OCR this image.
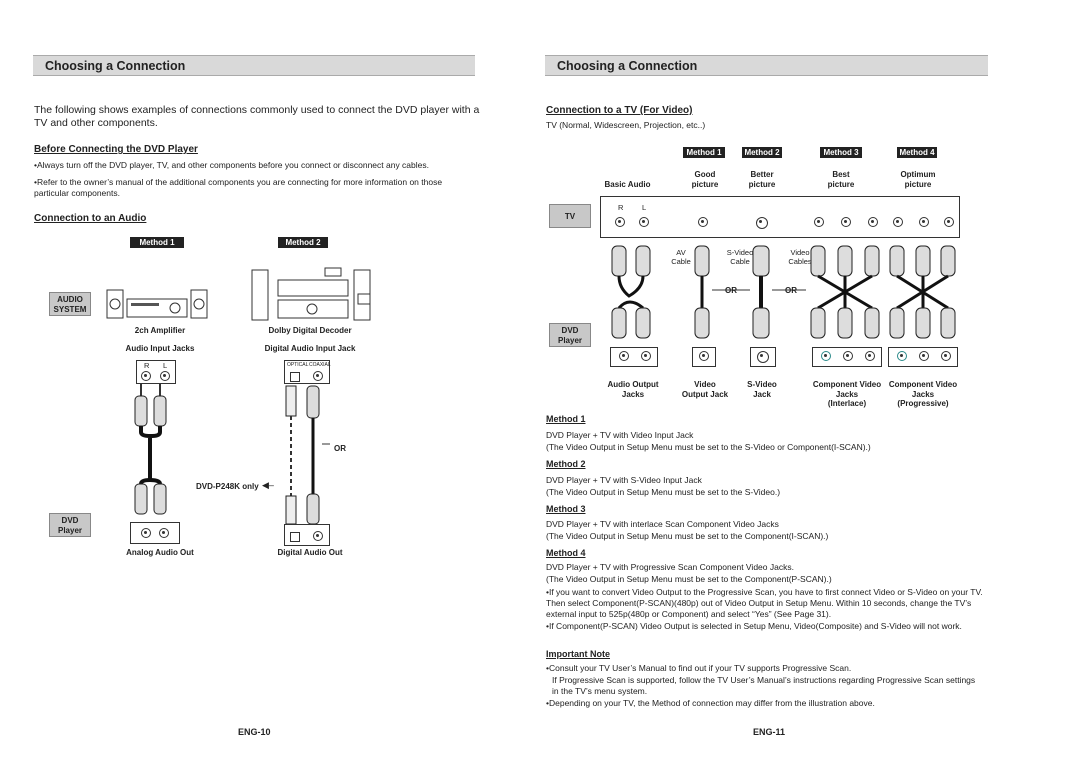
Choosing a Connection
The following shows examples of connections commonly used to connect the DVD player with a TV and other components.
Before Connecting the DVD Player
•Always turn off the DVD player, TV, and other components before you connect or disconnect any cables.
•Refer to the owner’s manual of the additional components you are connecting for more information on those particular components.
Connection to an Audio
Method 1	Method 2
AUDIO SYSTEM
2ch Amplifier	Dolby Digital Decoder
Audio Input Jacks	Digital Audio Input Jack
R L	OPTICAL COAXIAL
OR
DVD-P248K only ◀–
DVD Player
Analog Audio Out	Digital Audio Out
ENG-10
Choosing a Connection
Connection to a TV (For Video)
TV (Normal, Widescreen, Projection, etc..)
Method 1	Method 2	Method 3	Method 4
Basic Audio
Good picture
Better picture
Best picture
Optimum picture
TV
R L
AV Cable
S-Video Cable
Video Cables
OR	OR
DVD Player
Audio Output Jacks
Video Output Jack
S-Video Jack
Component Video Jacks
(Interlace)
Component Video Jacks
(Progressive)
Method 1
DVD Player + TV with Video Input Jack
(The Video Output in Setup Menu must be set to the S-Video or Component(I-SCAN).)
Method 2
DVD Player + TV with S-Video Input Jack
(The Video Output in Setup Menu must be set to the S-Video.)
Method 3
DVD Player + TV with interlace Scan Component Video Jacks
(The Video Output in Setup Menu must be set to the Component(I-SCAN).)
Method 4
DVD Player + TV with Progressive Scan Component Video Jacks.
(The Video Output in Setup Menu must be set to the Component(P-SCAN).)
•If you want to convert Video Output to the Progressive Scan, you have to first connect Video or S-Video on your TV. Then select Component(P-SCAN)(480p) out of Video Output in Setup Menu. Within 10 seconds, change the TV’s external input to 525p(480p or Component) and select “Yes” (See Page 31).
•If Component(P-SCAN) Video Output is selected in Setup Menu, Video(Composite) and S-Video will not work.
Important Note
•Consult your TV User’s Manual to find out if your TV supports Progressive Scan.
If Progressive Scan is supported, follow the TV User’s Manual’s instructions regarding Progressive Scan settings in the TV’s menu system.
•Depending on your TV, the Method of connection may differ from the illustration above.
ENG-11
